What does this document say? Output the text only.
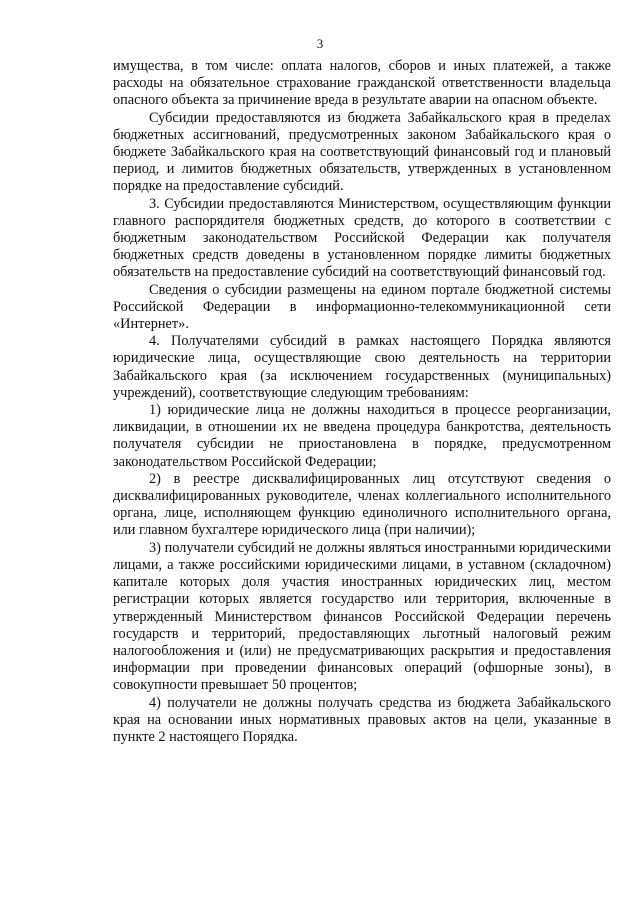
3

имущества, в том числе: оплата налогов, сборов и иных платежей, а также расходы на обязательное страхование гражданской ответственности владельца опасного объекта за причинение вреда в результате аварии на опасном объекте.

Субсидии предоставляются из бюджета Забайкальского края в пределах бюджетных ассигнований, предусмотренных законом Забайкальского края о бюджете Забайкальского края на соответствующий финансовый год и плановый период, и лимитов бюджетных обязательств, утвержденных в установленном порядке на предоставление субсидий.

3. Субсидии предоставляются Министерством, осуществляющим функции главного распорядителя бюджетных средств, до которого в соответствии с бюджетным законодательством Российской Федерации как получателя бюджетных средств доведены в установленном порядке лимиты бюджетных обязательств на предоставление субсидий на соответствующий финансовый год.

Сведения о субсидии размещены на едином портале бюджетной системы Российской Федерации в информационно-телекоммуникационной сети «Интернет».

4. Получателями субсидий в рамках настоящего Порядка являются юридические лица, осуществляющие свою деятельность на территории Забайкальского края (за исключением государственных (муниципальных) учреждений), соответствующие следующим требованиям:

1) юридические лица не должны находиться в процессе реорганизации, ликвидации, в отношении их не введена процедура банкротства, деятельность получателя субсидии не приостановлена в порядке, предусмотренном законодательством Российской Федерации;

2) в реестре дисквалифицированных лиц отсутствуют сведения о дисквалифицированных руководителе, членах коллегиального исполнительного органа, лице, исполняющем функцию единоличного исполнительного органа, или главном бухгалтере юридического лица (при наличии);

3) получатели субсидий не должны являться иностранными юридическими лицами, а также российскими юридическими лицами, в уставном (складочном) капитале которых доля участия иностранных юридических лиц, местом регистрации которых является государство или территория, включенные в утвержденный Министерством финансов Российской Федерации перечень государств и территорий, предоставляющих льготный налоговый режим налогообложения и (или) не предусматривающих раскрытия и предоставления информации при проведении финансовых операций (офшорные зоны), в совокупности превышает 50 процентов;

4) получатели не должны получать средства из бюджета Забайкальского края на основании иных нормативных правовых актов на цели, указанные в пункте 2 настоящего Порядка.
